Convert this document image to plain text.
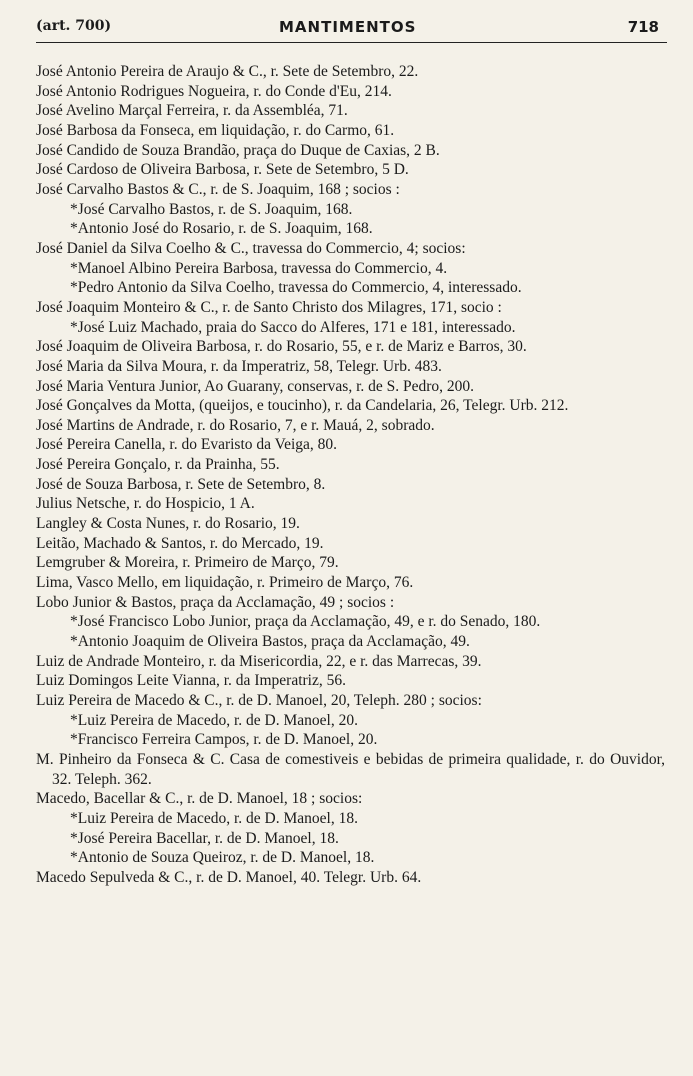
(art. 700)	MANTIMENTOS	718
José Antonio Pereira de Araujo & C., r. Sete de Setembro, 22.
José Antonio Rodrigues Nogueira, r. do Conde d'Eu, 214.
José Avelino Marçal Ferreira, r. da Assembléa, 71.
José Barbosa da Fonseca, em liquidação, r. do Carmo, 61.
José Candido de Souza Brandão, praça do Duque de Caxias, 2 B.
José Cardoso de Oliveira Barbosa, r. Sete de Setembro, 5 D.
José Carvalho Bastos & C., r. de S. Joaquim, 168 ; socios :
*José Carvalho Bastos, r. de S. Joaquim, 168.
*Antonio José do Rosario, r. de S. Joaquim, 168.
José Daniel da Silva Coelho & C., travessa do Commercio, 4; socios:
*Manoel Albino Pereira Barbosa, travessa do Commercio, 4.
*Pedro Antonio da Silva Coelho, travessa do Commercio, 4, interessado.
José Joaquim Monteiro & C., r. de Santo Christo dos Milagres, 171, socio :
*José Luiz Machado, praia do Sacco do Alferes, 171 e 181, interessado.
José Joaquim de Oliveira Barbosa, r. do Rosario, 55, e r. de Mariz e Barros, 30.
José Maria da Silva Moura, r. da Imperatriz, 58, Telegr. Urb. 483.
José Maria Ventura Junior, Ao Guarany, conservas, r. de S. Pedro, 200.
José Gonçalves da Motta, (queijos, e toucinho), r. da Candelaria, 26, Telegr. Urb. 212.
José Martins de Andrade, r. do Rosario, 7, e r. Mauá, 2, sobrado.
José Pereira Canella, r. do Evaristo da Veiga, 80.
José Pereira Gonçalo, r. da Prainha, 55.
José de Souza Barbosa, r. Sete de Setembro, 8.
Julius Netsche, r. do Hospicio, 1 A.
Langley & Costa Nunes, r. do Rosario, 19.
Leitão, Machado & Santos, r. do Mercado, 19.
Lemgruber & Moreira, r. Primeiro de Março, 79.
Lima, Vasco Mello, em liquidação, r. Primeiro de Março, 76.
Lobo Junior & Bastos, praça da Acclamação, 49 ; socios :
*José Francisco Lobo Junior, praça da Acclamação, 49, e r. do Senado, 180.
*Antonio Joaquim de Oliveira Bastos, praça da Acclamação, 49.
Luiz de Andrade Monteiro, r. da Misericordia, 22, e r. das Marrecas, 39.
Luiz Domingos Leite Vianna, r. da Imperatriz, 56.
Luiz Pereira de Macedo & C., r. de D. Manoel, 20, Teleph. 280 ; socios:
*Luiz Pereira de Macedo, r. de D. Manoel, 20.
*Francisco Ferreira Campos, r. de D. Manoel, 20.
M. Pinheiro da Fonseca & C. Casa de comestiveis e bebidas de primeira qualidade, r. do Ouvidor, 32. Teleph. 362.
Macedo, Bacellar & C., r. de D. Manoel, 18 ; socios:
*Luiz Pereira de Macedo, r. de D. Manoel, 18.
*José Pereira Bacellar, r. de D. Manoel, 18.
*Antonio de Souza Queiroz, r. de D. Manoel, 18.
Macedo Sepulveda & C., r. de D. Manoel, 40. Telegr. Urb. 64.
